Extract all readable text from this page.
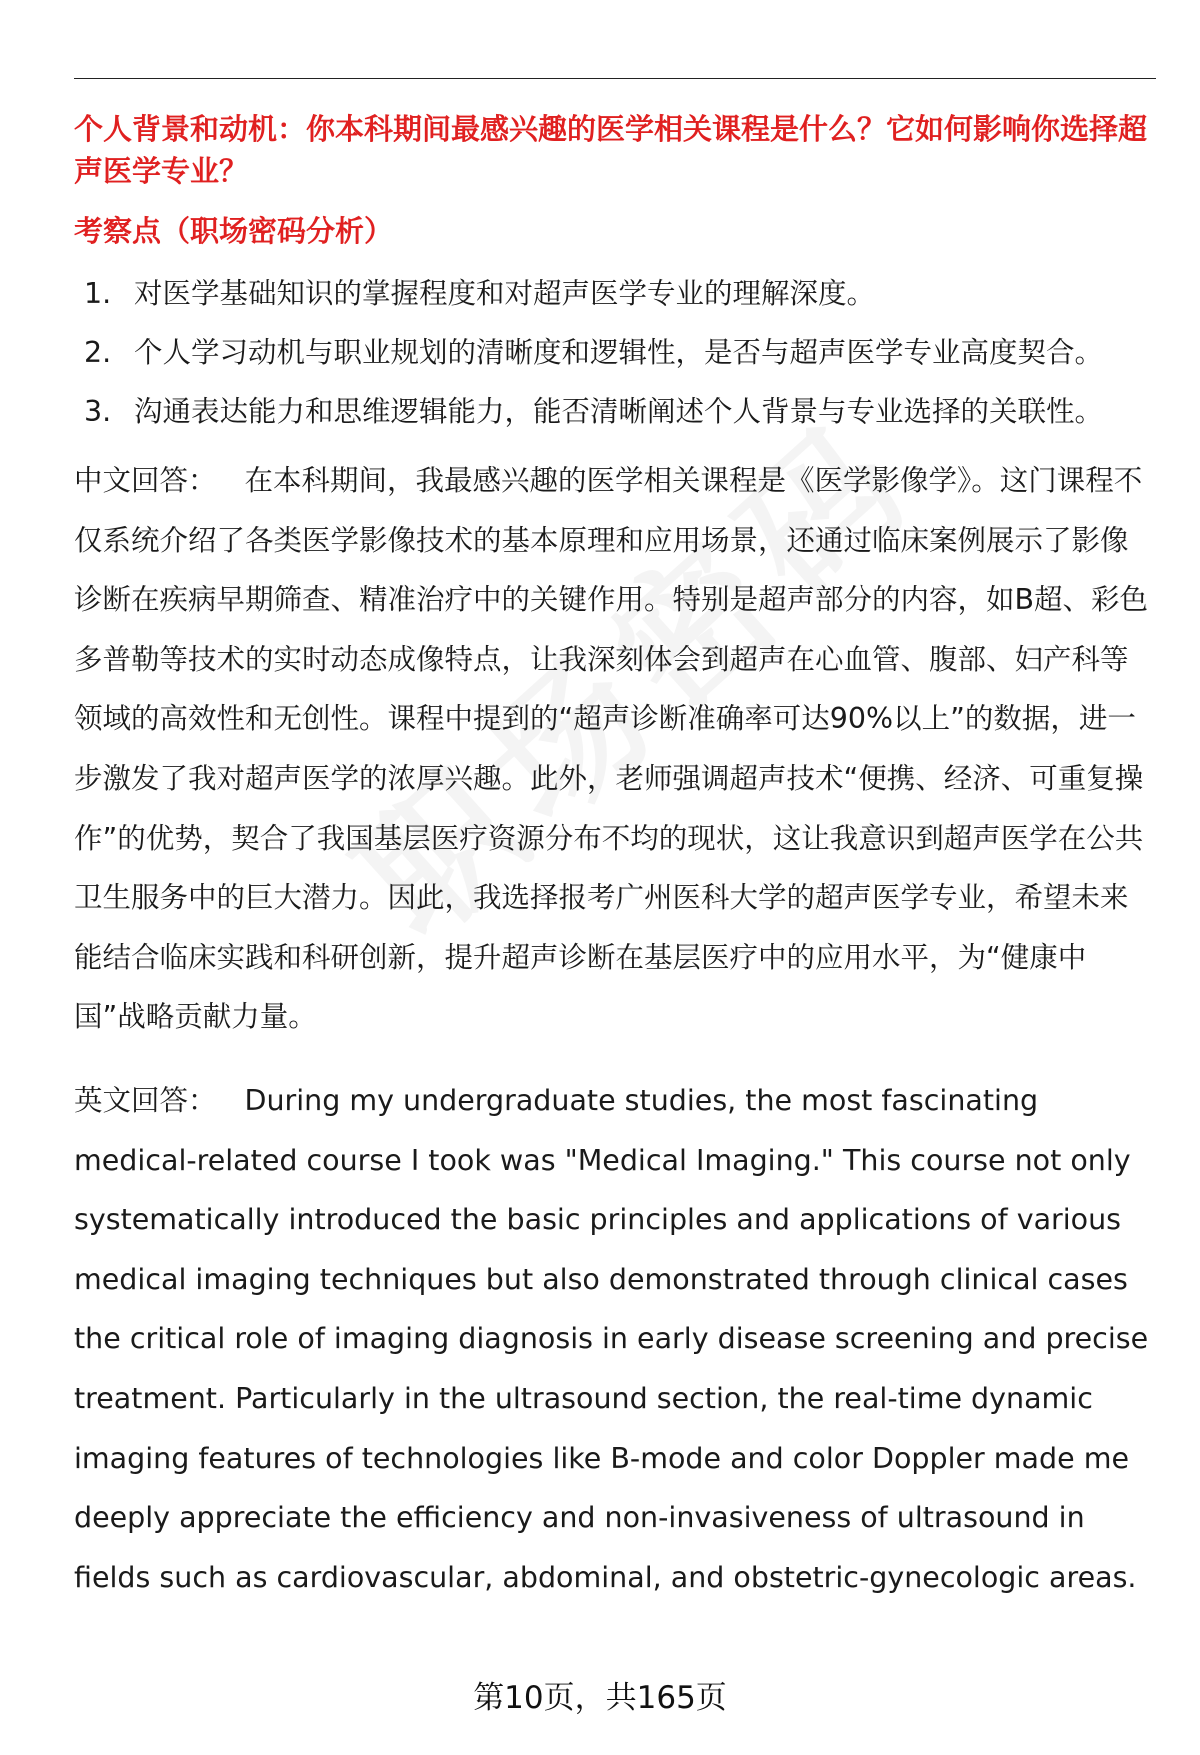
个人背景和动机：你本科期间最感兴趣的医学相关课程是什么？它如何影响你选择超声医学专业？

考察点（职场密码分析）

1. 对医学基础知识的掌握程度和对超声医学专业的理解深度。
2. 个人学习动机与职业规划的清晰度和逻辑性，是否与超声医学专业高度契合。
3. 沟通表达能力和思维逻辑能力，能否清晰阐述个人背景与专业选择的关联性。

中文回答： 在本科期间，我最感兴趣的医学相关课程是《医学影像学》。这门课程不仅系统介绍了各类医学影像技术的基本原理和应用场景，还通过临床案例展示了影像诊断在疾病早期筛查、精准治疗中的关键作用。特别是超声部分的内容，如B超、彩色多普勒等技术的实时动态成像特点，让我深刻体会到超声在心血管、腹部、妇产科等领域的高效性和无创性。课程中提到的“超声诊断准确率可达90%以上”的数据，进一步激发了我对超声医学的浓厚兴趣。此外，老师强调超声技术“便携、经济、可重复操作”的优势，契合了我国基层医疗资源分布不均的现状，这让我意识到超声医学在公共卫生服务中的巨大潜力。因此，我选择报考广州医科大学的超声医学专业，希望未来能结合临床实践和科研创新，提升超声诊断在基层医疗中的应用水平，为“健康中国”战略贡献力量。

英文回答： During my undergraduate studies, the most fascinating medical-related course I took was "Medical Imaging." This course not only systematically introduced the basic principles and applications of various medical imaging techniques but also demonstrated through clinical cases the critical role of imaging diagnosis in early disease screening and precise treatment. Particularly in the ultrasound section, the real-time dynamic imaging features of technologies like B-mode and color Doppler made me deeply appreciate the efficiency and non-invasiveness of ultrasound in fields such as cardiovascular, abdominal, and obstetric-gynecologic areas.

第10页，共165页
